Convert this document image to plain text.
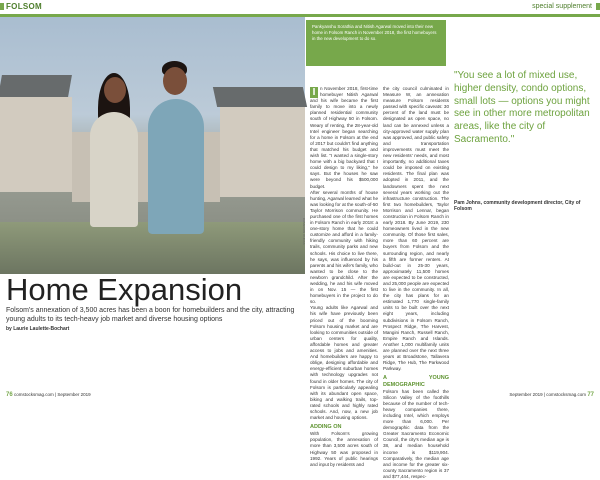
FOLSOM	special supplement
Pankyanshu Sorathia and Nitish Agarwal moved into their new home in Folsom Ranch in November 2018, the first homebuyers in the new development to do so.
CAMERON DUCAS
Home Expansion
Folsom's annexation of 3,500 acres has been a boon for homebuilders and the city, attracting young adults to its tech-heavy job market and diverse housing options
by Laurie Laulette-Bochart

I	n November 2018, first-time homebuyer Nitish Agarwal and his wife became the first family to move into a newly planned residential community south of Highway 50 in Folsom. Weary of renting, the 28-year-old Intel engineer began searching for a home in Folsom at the end of 2017 but couldn't find anything that matched his budget and wish list. "I wanted a single-story home with a big backyard that I could design to my liking," he says. But the houses he saw were beyond his $500,000 budget.

After several months of house hunting, Agarwal learned what he was looking for at the south-of-50 Taylor Morrison community. He purchased one of the first homes in Folsom Ranch in early 2018: a one-story home that he could customize and afford in a family-friendly community with hiking trails, community parks and new schools. His choice to live there, he says, was influenced by his parents and his wife's family, who wanted to be close to the newborn grandchild. After the wedding, he and his wife moved in on Nov. 15 — the first homebuyers in the project to do so.

Young adults like Agarwal and his wife have previously been priced out of the booming Folsom housing market and are looking to communities outside of urban centers for quality, affordable homes and greater access to jobs and amenities. And homebuilders are happy to oblige, designing affordable and energy-efficient suburban homes with technology upgrades not found in older homes. The city of Folsom is particularly appealing with its abundant open space, biking and walking trails, top-rated schools and highly rated schools. And, now, a new job market and housing options.

ADDING ON

With Folsom's growing population, the annexation of more than 3,500 acres south of Highway 50 was proposed in 1992. Years of public hearings and input by residents and

the city council culminated in Measure W, an annexation measure Folsom residents passed with specific caveats: 30 percent of the land must be designated as open space, no land can be annexed unless a city-approved water supply plan was approved, and public safety and transportation improvements must meet the new residents' needs, and most importantly, no additional taxes could be imposed on existing residents. The final plan was adopted in 2011, and the landowners spent the next several years working out the infrastructure construction. The first two homebuilders, Taylor Morrison and Lennar, began construction in Folsom Ranch in early 2018. By June 2019, 230 homeowners lived in the new community. Of those first sales, more than 60 percent are buyers from Folsom and the surrounding region, and nearly a fifth are former renters. At build-out in 25-30 years, approximately 11,500 homes are expected to be constructed, and 25,000 people are expected to live in the community. In all, the city has plans for an estimated 1,770 single-family units to be built over the next eight years, including subdivisions in Folsom Ranch, Prospect Ridge, The Harvest, Mangini Ranch, Russell Ranch, Empire Ranch and Islands. Another 1,000 multifamily units are planned over the next three years at Broadstone, Tallavera Ridge, The Hub, The Parkwood Parkway.

A YOUNG DEMOGRAPHIC

Folsom has been called the Silicon Valley of the foothills because of the number of tech-heavy companies there, including Intel, which employs more than 6,000. Per demographic data from the Greater Sacramento Economic Council, the city's median age is 38, and median household income is $119,904. Comparatively, the median age and income for the greater six-county Sacramento region is 37 and $77,444, respec-

"You see a lot of mixed use, higher density, condo options, small lots — options you might see in other more metropolitan areas, like the city of Sacramento."
Pam Johns, community development director, City of Folsom
76 comstocksmag.com | September 2019	September 2019 | comstocksmag.com 77
